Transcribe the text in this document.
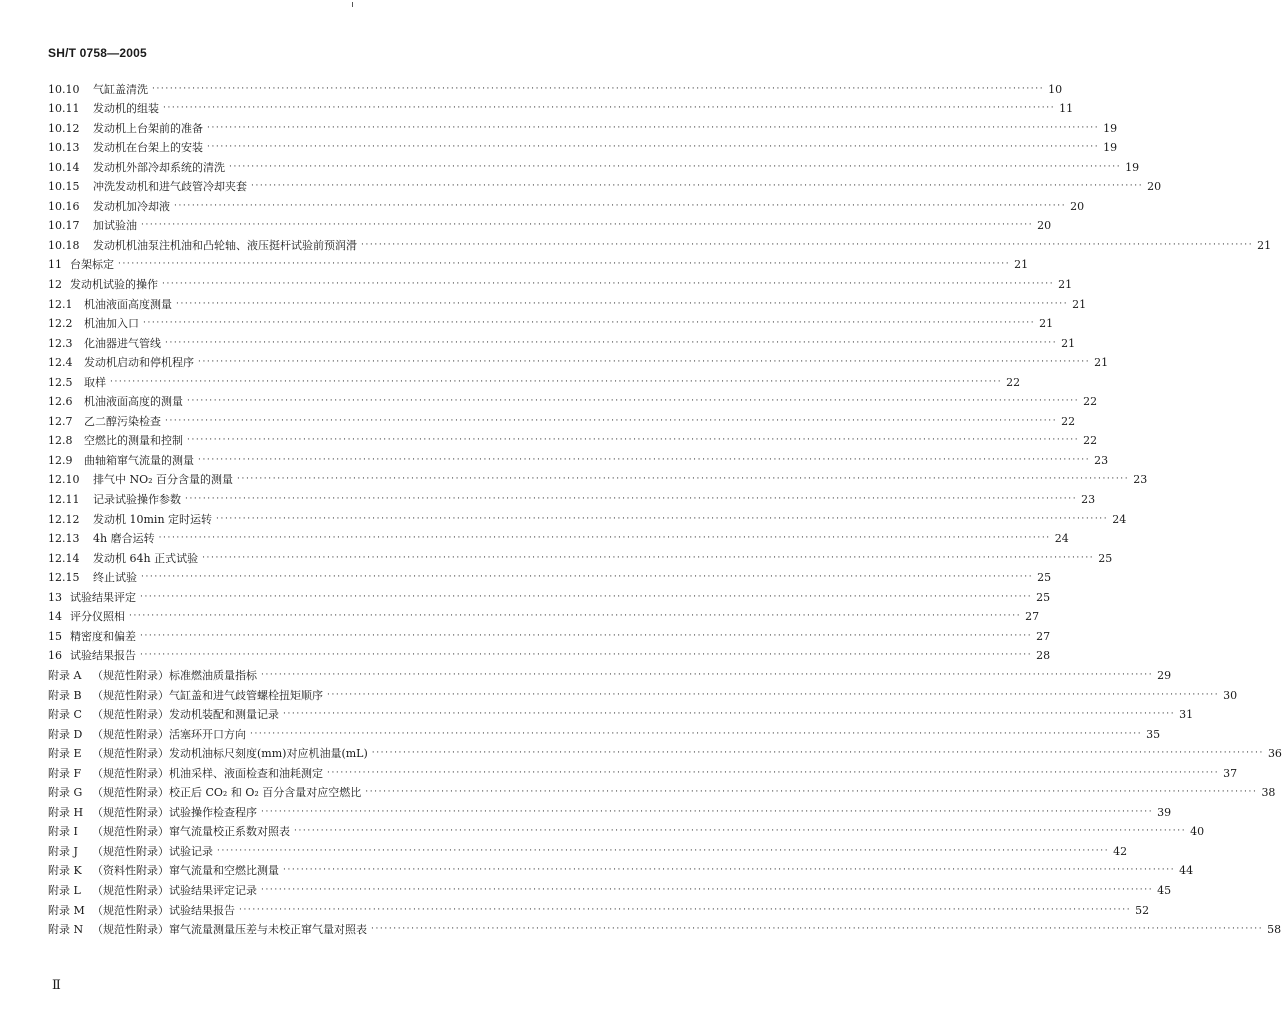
SH/T 0758—2005
10.10	气缸盖清洗 ········································································································································································································ 10
10.11	发动机的组装 ········································································································································································································ 11
10.12	发动机上台架前的准备 ········································································································································································································ 19
10.13	发动机在台架上的安装 ········································································································································································································ 19
10.14	发动机外部冷却系统的清洗 ········································································································································································································ 19
10.15	冲洗发动机和进气歧管冷却夹套 ········································································································································································································ 20
10.16	发动机加冷却液 ········································································································································································································ 20
10.17	加试验油 ········································································································································································································ 20
10.18	发动机机油泵注机油和凸轮轴、液压挺杆试验前预润滑 ········································································································································································································ 21
11 台架标定 ········································································································································································································ 21
12 发动机试验的操作 ········································································································································································································ 21
12.1	机油液面高度测量 ········································································································································································································ 21
12.2	机油加入口 ········································································································································································································ 21
12.3	化油器进气管线 ········································································································································································································ 21
12.4	发动机启动和停机程序 ········································································································································································································ 21
12.5	取样 ········································································································································································································ 22
12.6	机油液面高度的测量 ········································································································································································································ 22
12.7	乙二醇污染检查 ········································································································································································································ 22
12.8	空燃比的测量和控制 ········································································································································································································ 22
12.9	曲轴箱窜气流量的测量 ········································································································································································································ 23
12.10	排气中 NO₂ 百分含量的测量 ········································································································································································································ 23
12.11	记录试验操作参数 ········································································································································································································ 23
12.12	发动机 10min 定时运转 ········································································································································································································ 24
12.13	4h 磨合运转 ········································································································································································································ 24
12.14	发动机 64h 正式试验 ········································································································································································································ 25
12.15	终止试验 ········································································································································································································ 25
13 试验结果评定 ········································································································································································································ 25
14 评分仪照相 ········································································································································································································ 27
15 精密度和偏差 ········································································································································································································ 27
16 试验结果报告 ········································································································································································································ 28
附录 A （规范性附录）标准燃油质量指标 ········································································································································································································ 29
附录 B （规范性附录）气缸盖和进气歧管螺栓扭矩顺序 ········································································································································································································ 30
附录 C （规范性附录）发动机装配和测量记录 ········································································································································································································ 31
附录 D （规范性附录）活塞环开口方向 ········································································································································································································ 35
附录 E （规范性附录）发动机油标尺刻度(mm)对应机油量(mL) ········································································································································································································ 36
附录 F （规范性附录）机油采样、液面检查和油耗测定 ········································································································································································································ 37
附录 G （规范性附录）校正后 CO₂ 和 O₂ 百分含量对应空燃比 ········································································································································································································ 38
附录 H （规范性附录）试验操作检查程序 ········································································································································································································ 39
附录 I	（规范性附录）窜气流量校正系数对照表 ········································································································································································································ 40
附录 J	（规范性附录）试验记录 ········································································································································································································ 42
附录 K （资料性附录）窜气流量和空燃比测量 ········································································································································································································ 44
附录 L	（规范性附录）试验结果评定记录 ········································································································································································································ 45
附录 M （规范性附录）试验结果报告 ········································································································································································································ 52
附录 N （规范性附录）窜气流量测量压差与未校正窜气量对照表 ········································································································································································································ 58
Ⅱ
